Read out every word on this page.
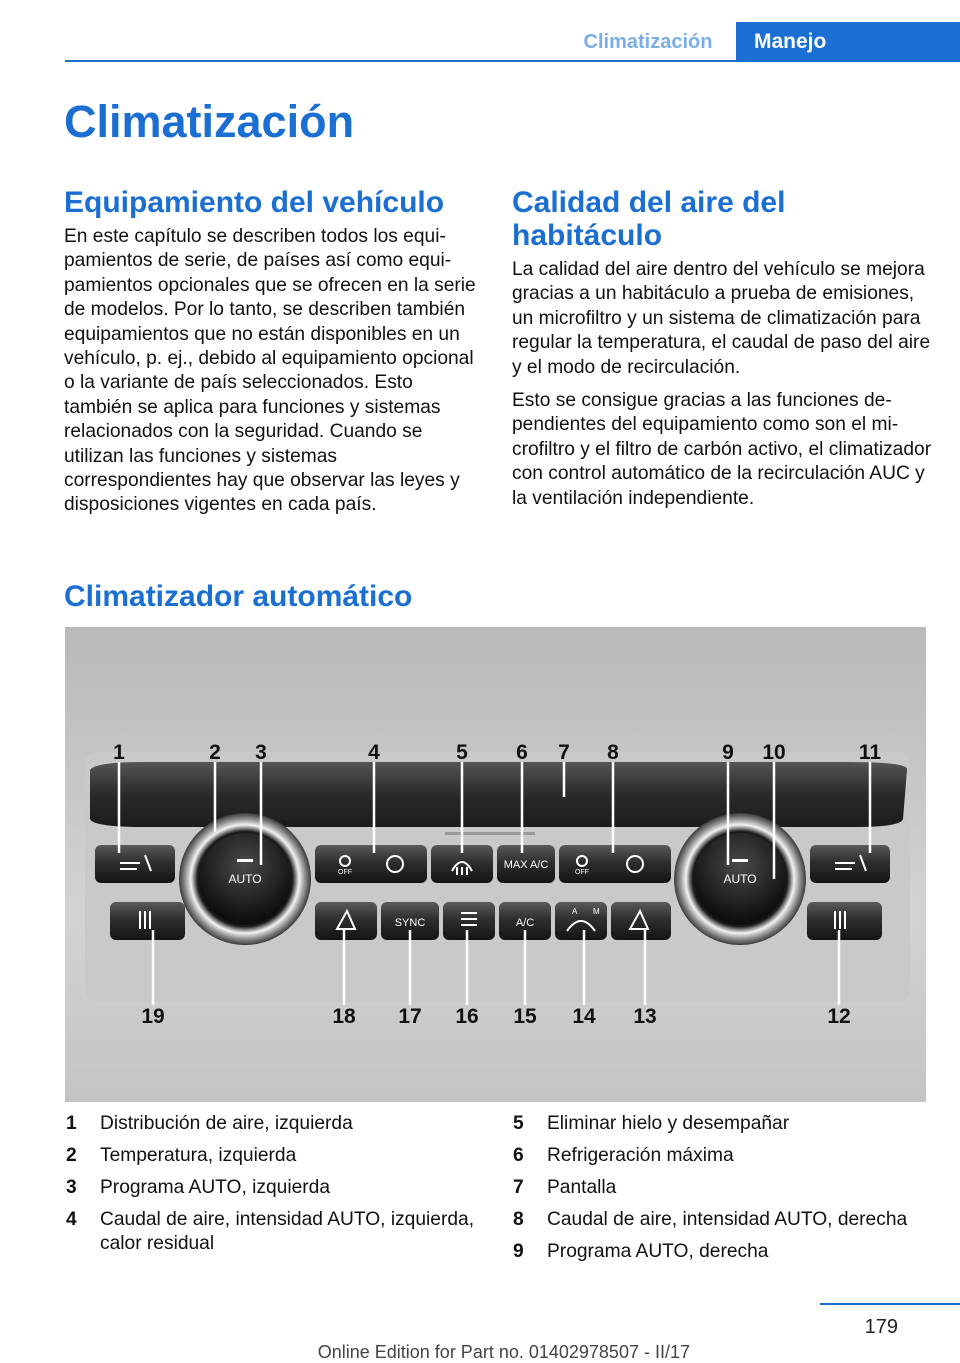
Climatización	Manejo
Climatización
Equipamiento del vehículo

En este capítulo se describen todos los equipamientos de serie, de países así como equipamientos opcionales que se ofrecen en la serie de modelos. Por lo tanto, se describen también equipamientos que no están disponibles en un vehículo, p. ej., debido al equipamiento opcional o la variante de país seleccionados. Esto también se aplica para funciones y sistemas relacionados con la seguridad. Cuando se utilizan las funciones y sistemas correspondientes hay que observar las leyes y disposiciones vigentes en cada país.

Calidad del aire del habitáculo

La calidad del aire dentro del vehículo se mejora gracias a un habitáculo a prueba de emisiones, un microfiltro y un sistema de climatización para regular la temperatura, el caudal de paso del aire y el modo de recirculación.

Esto se consigue gracias a las funciones dependientes del equipamiento como son el microfiltro y el filtro de carbón activo, el climatizador con control automático de la recirculación AUC y la ventilación independiente.

Climatizador automático
AUTO	AUTO
MAX A/C
SYNC	A/C
OFF	OFF
A M
1	2 3	4	5 6 7 8	9 10	11
19	18 17 16 15 14 13	12
1	Distribución de aire, izquierda
2	Temperatura, izquierda
3	Programa AUTO, izquierda
4	Caudal de aire, intensidad AUTO, izquierda, calor residual
5	Eliminar hielo y desempañar
6	Refrigeración máxima
7	Pantalla
8	Caudal de aire, intensidad AUTO, derecha
9	Programa AUTO, derecha
179
Online Edition for Part no. 01402978507 - II/17
